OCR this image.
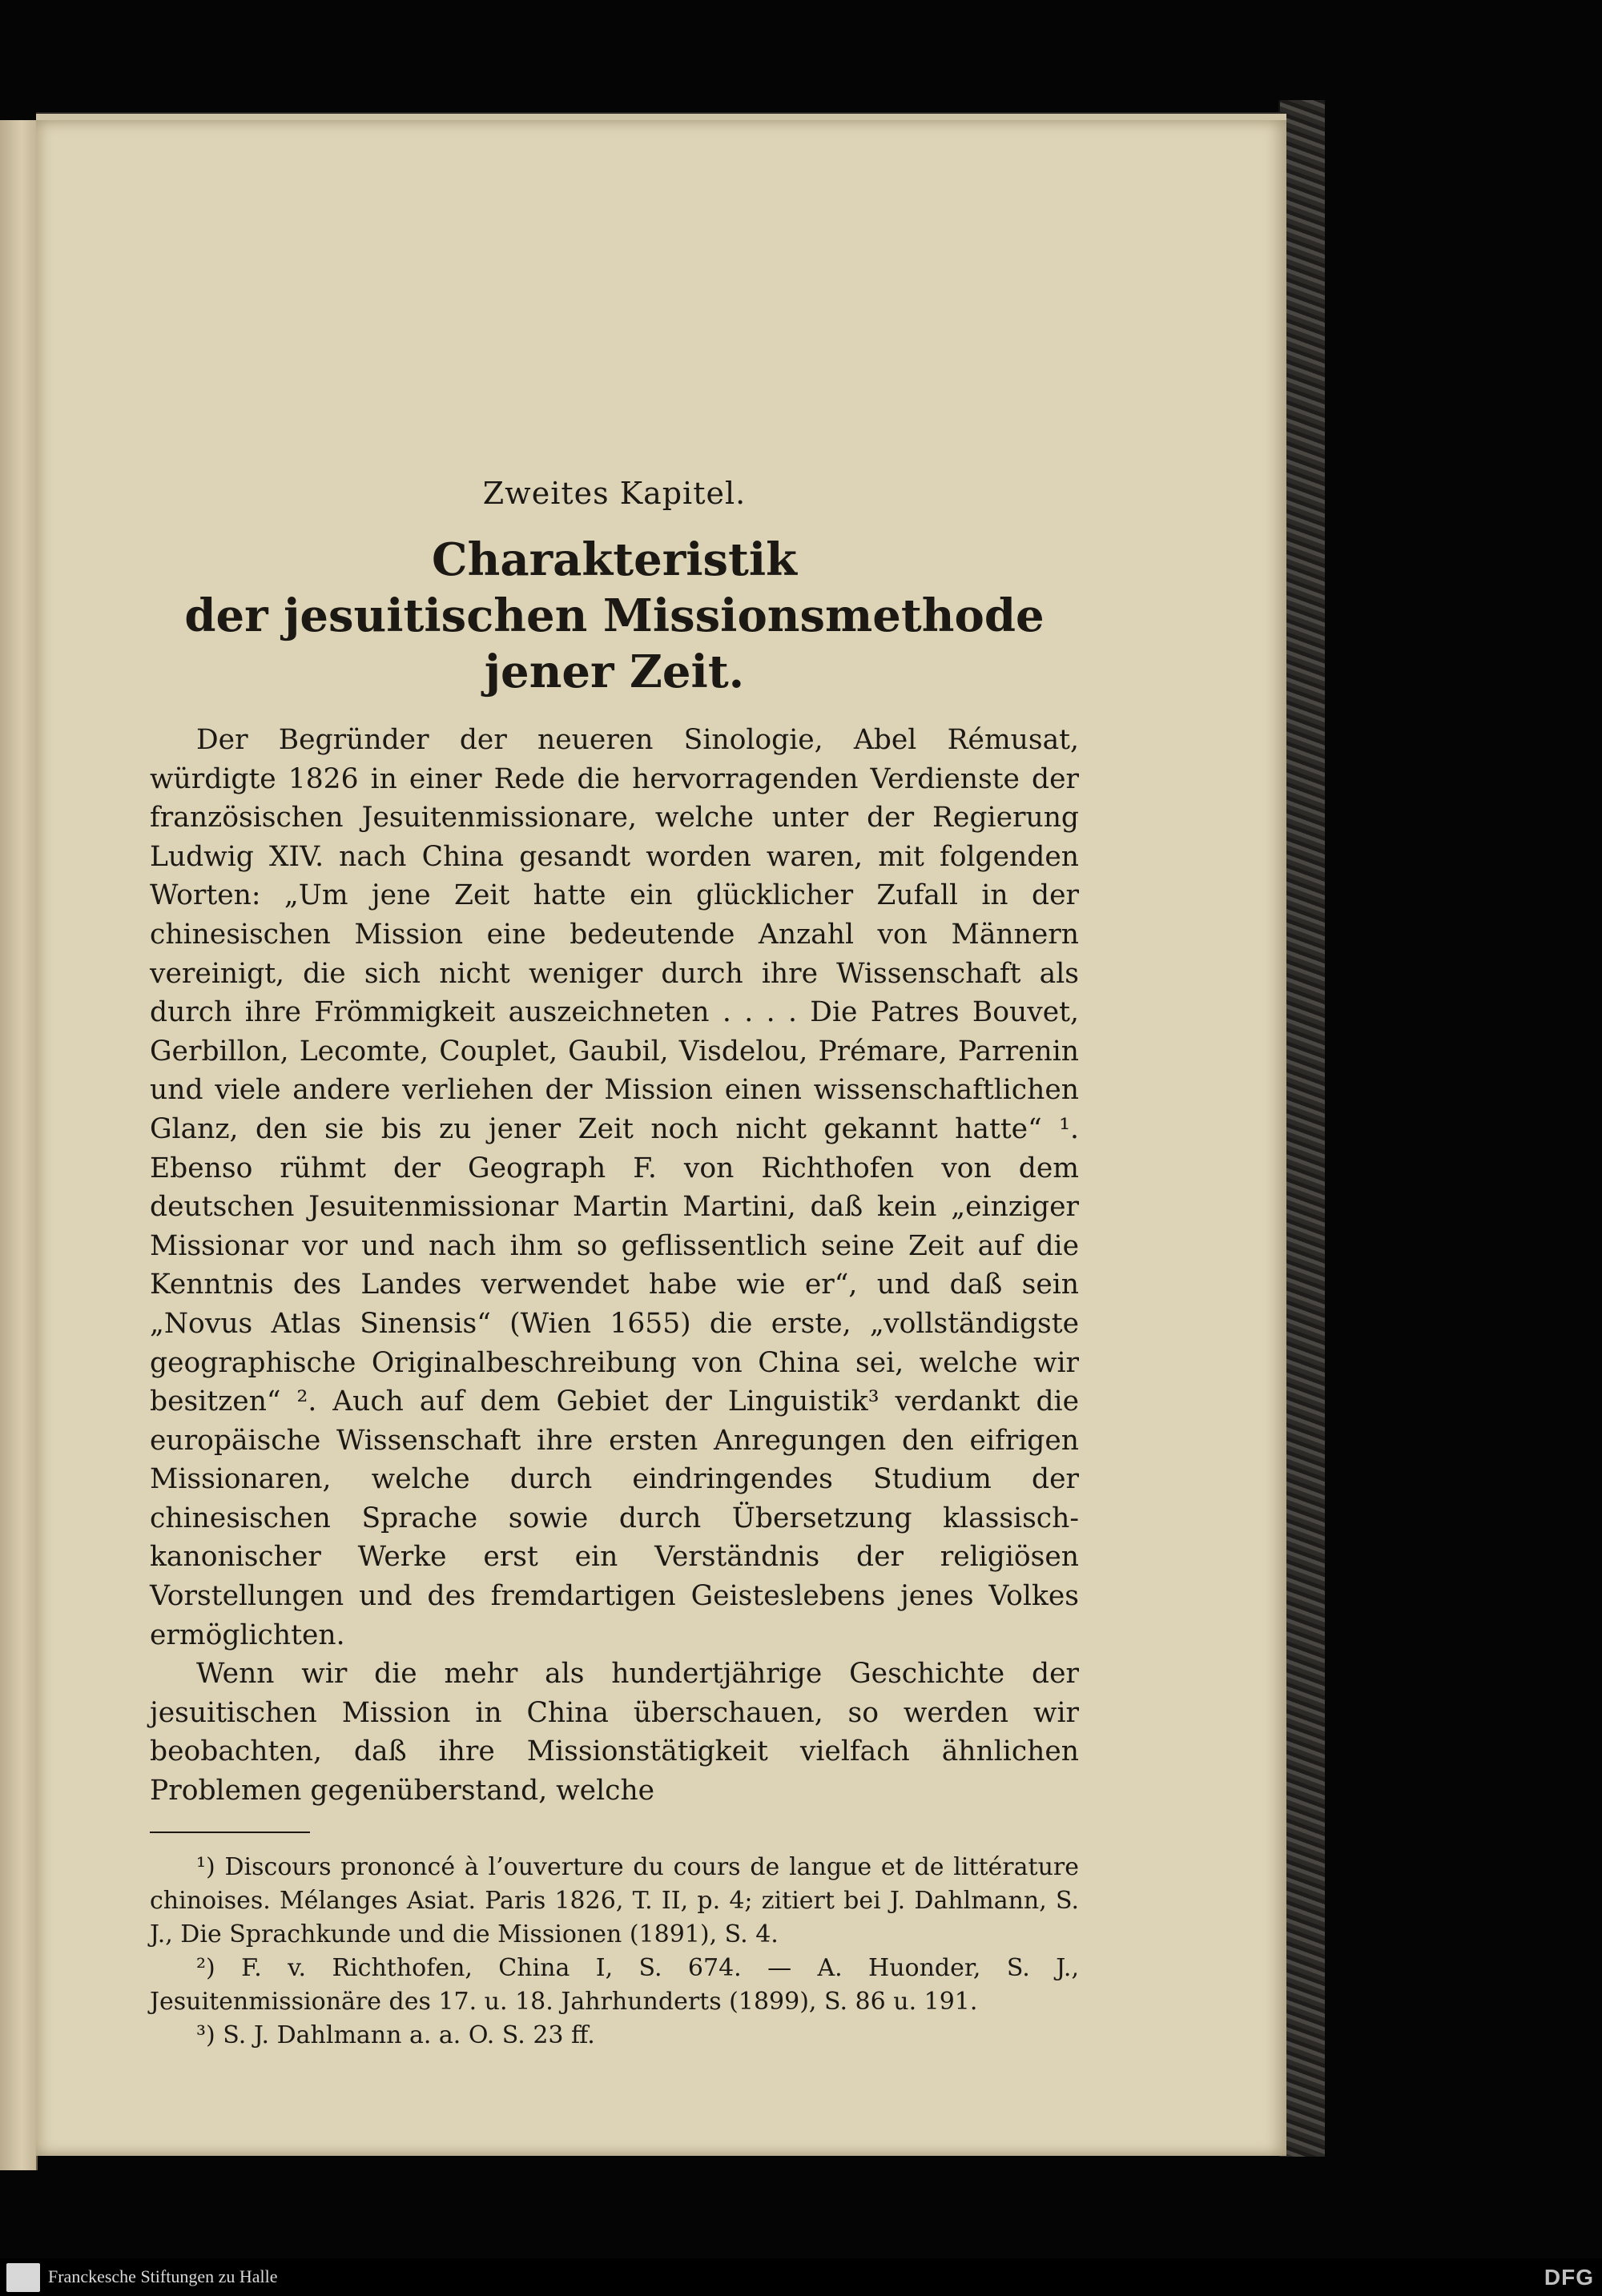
Zweites Kapitel.

Charakteristik
der jesuitischen Missionsmethode jener Zeit.

Der Begründer der neueren Sinologie, Abel Rémusat, würdigte 1826 in einer Rede die hervorragenden Verdienste der französischen Jesuitenmissionare, welche unter der Regierung Ludwig XIV. nach China gesandt worden waren, mit folgenden Worten: „Um jene Zeit hatte ein glücklicher Zufall in der chinesischen Mission eine bedeutende Anzahl von Männern vereinigt, die sich nicht weniger durch ihre Wissenschaft als durch ihre Frömmigkeit auszeichneten . . . . Die Patres Bouvet, Gerbillon, Lecomte, Couplet, Gaubil, Visdelou, Prémare, Parrenin und viele andere verliehen der Mission einen wissenschaftlichen Glanz, den sie bis zu jener Zeit noch nicht gekannt hatte“ ¹. Ebenso rühmt der Geograph F. von Richthofen von dem deutschen Jesuitenmissionar Martin Martini, daß kein „einziger Missionar vor und nach ihm so geflissentlich seine Zeit auf die Kenntnis des Landes verwendet habe wie er“, und daß sein „Novus Atlas Sinensis“ (Wien 1655) die erste, „vollständigste geographische Originalbeschreibung von China sei, welche wir besitzen“ ². Auch auf dem Gebiet der Linguistik³ verdankt die europäische Wissenschaft ihre ersten Anregungen den eifrigen Missionaren, welche durch eindringendes Studium der chinesischen Sprache sowie durch Übersetzung klassisch-kanonischer Werke erst ein Verständnis der religiösen Vorstellungen und des fremdartigen Geisteslebens jenes Volkes ermöglichten.

Wenn wir die mehr als hundertjährige Geschichte der jesuitischen Mission in China überschauen, so werden wir beobachten, daß ihre Missionstätigkeit vielfach ähnlichen Problemen gegenüberstand, welche

¹) Discours prononcé à l’ouverture du cours de langue et de littérature chinoises. Mélanges Asiat. Paris 1826, T. II, p. 4; zitiert bei J. Dahlmann, S. J., Die Sprachkunde und die Missionen (1891), S. 4.

²) F. v. Richthofen, China I, S. 674. — A. Huonder, S. J., Jesuitenmissionäre des 17. u. 18. Jahrhunderts (1899), S. 86 u. 191.

³) S. J. Dahlmann a. a. O. S. 23 ff.

Franckesche Stiftungen zu Halle	DFG
